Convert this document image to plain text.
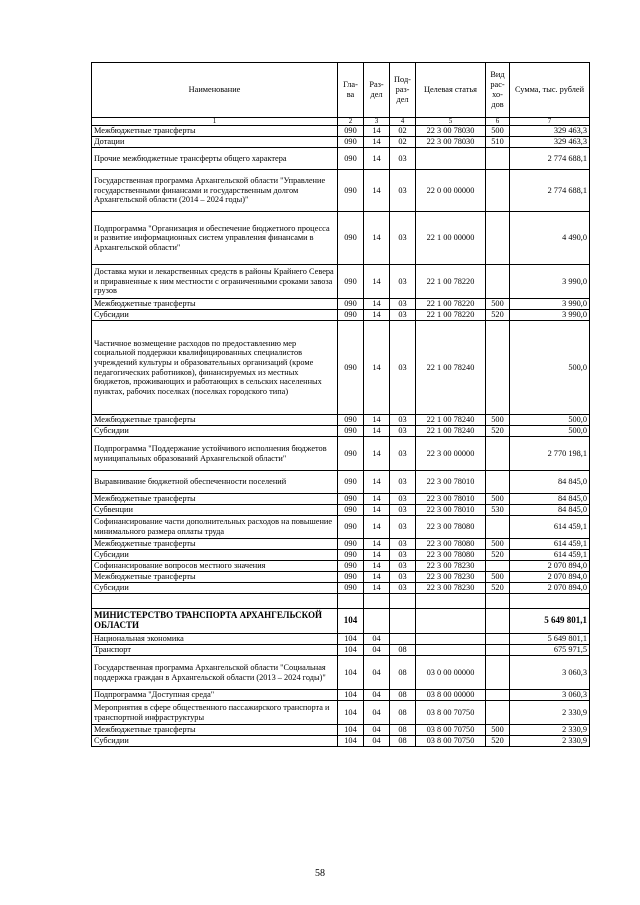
Наименование	Гла-ва	Раз-дел	Под-раз-дел	Целевая статья	Вид рас-хо-дов	Сумма, тыс. рублей
1	2	3	4	5	6	7
Межбюджетные трансферты	090	14	02	22 3 00 78030	500	329 463,3
Дотации	090	14	02	22 3 00 78030	510	329 463,3
Прочие межбюджетные трансферты общего характера	090	14	03			2 774 688,1
Государственная программа Архангельской области "Управление государственными финансами и государственным долгом Архангельской области (2014 – 2024 годы)"	090	14	03	22 0 00 00000		2 774 688,1
Подпрограмма "Организация и обеспечение бюджетного процесса и развитие информационных систем управления финансами в Архангельской области"	090	14	03	22 1 00 00000		4 490,0
Доставка муки и лекарственных средств в районы Крайнего Севера и приравненные к ним местности с ограниченными сроками завоза грузов	090	14	03	22 1 00 78220		3 990,0
Межбюджетные трансферты	090	14	03	22 1 00 78220	500	3 990,0
Субсидии	090	14	03	22 1 00 78220	520	3 990,0
Частичное возмещение расходов по предоставлению мер социальной поддержки квалифицированных специалистов учреждений культуры и образовательных организаций (кроме педагогических работников), финансируемых из местных бюджетов, проживающих и работающих в сельских населенных пунктах, рабочих поселках (поселках городского типа)	090	14	03	22 1 00 78240		500,0
Межбюджетные трансферты	090	14	03	22 1 00 78240	500	500,0
Субсидии	090	14	03	22 1 00 78240	520	500,0
Подпрограмма "Поддержание устойчивого исполнения бюджетов муниципальных образований Архангельской области"	090	14	03	22 3 00 00000		2 770 198,1
Выравнивание бюджетной обеспеченности поселений	090	14	03	22 3 00 78010		84 845,0
Межбюджетные трансферты	090	14	03	22 3 00 78010	500	84 845,0
Субвенции	090	14	03	22 3 00 78010	530	84 845,0
Софинансирование части дополнительных расходов на повышение минимального размера оплаты труда	090	14	03	22 3 00 78080		614 459,1
Межбюджетные трансферты	090	14	03	22 3 00 78080	500	614 459,1
Субсидии	090	14	03	22 3 00 78080	520	614 459,1
Софинансирование вопросов местного значения	090	14	03	22 3 00 78230		2 070 894,0
Межбюджетные трансферты	090	14	03	22 3 00 78230	500	2 070 894,0
Субсидии	090	14	03	22 3 00 78230	520	2 070 894,0

МИНИСТЕРСТВО ТРАНСПОРТА АРХАНГЕЛЬСКОЙ ОБЛАСТИ	104					5 649 801,1
Национальная экономика	104	04				5 649 801,1
Транспорт	104	04	08			675 971,5
Государственная программа Архангельской области "Социальная поддержка граждан в Архангельской области (2013 – 2024 годы)"	104	04	08	03 0 00 00000		3 060,3
Подпрограмма "Доступная среда"	104	04	08	03 8 00 00000		3 060,3
Мероприятия в сфере общественного пассажирского транспорта и транспортной инфраструктуры	104	04	08	03 8 00 70750		2 330,9
Межбюджетные трансферты	104	04	08	03 8 00 70750	500	2 330,9
Субсидии	104	04	08	03 8 00 70750	520	2 330,9
58
